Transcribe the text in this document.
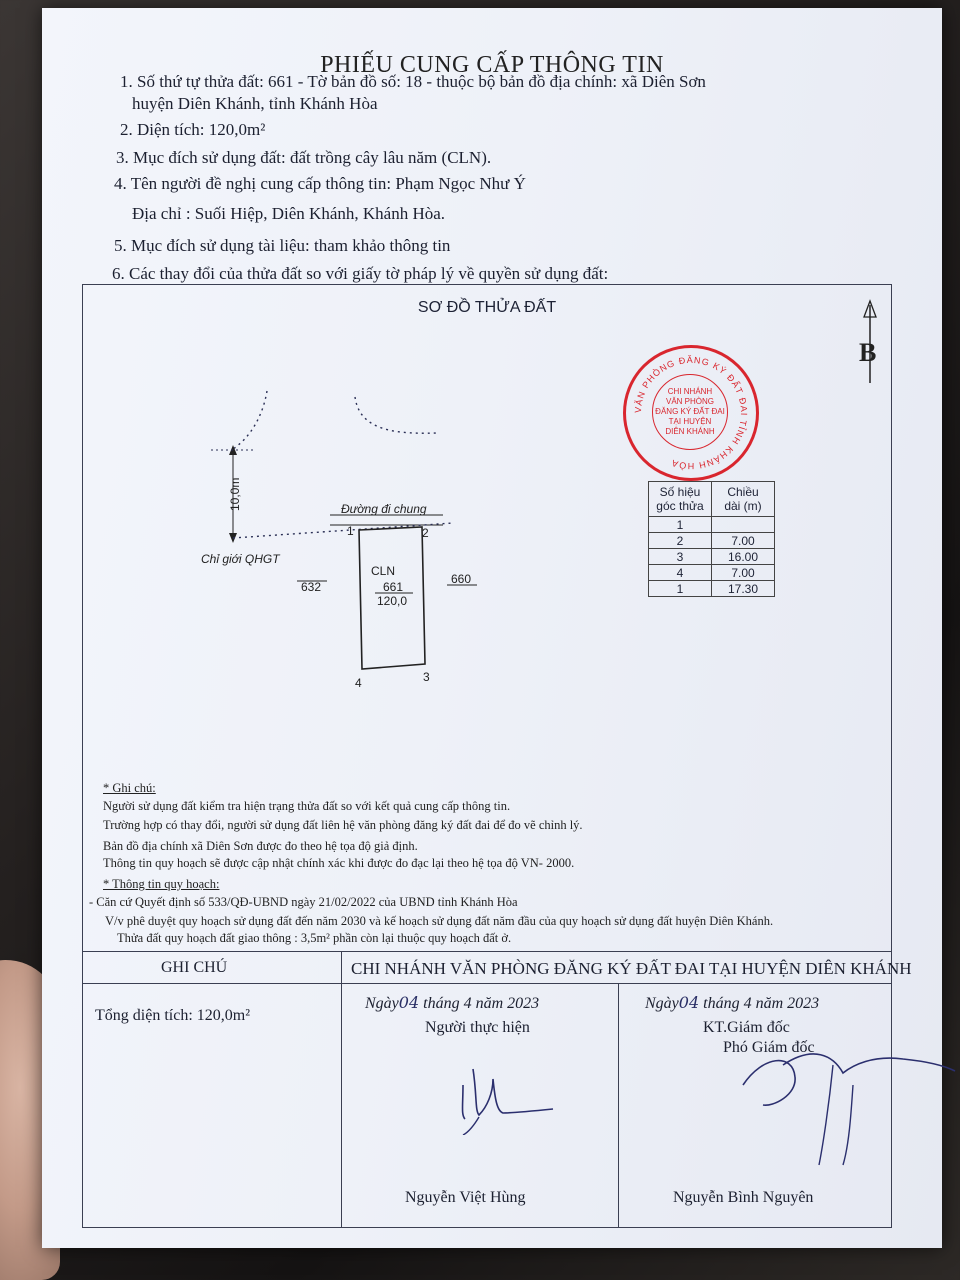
PHIẾU CUNG CẤP THÔNG TIN
1. Số thứ tự thửa đất: 661 - Tờ bản đồ số: 18 - thuộc bộ bản đồ địa chính: xã Diên Sơn
huyện Diên Khánh, tỉnh Khánh Hòa
2. Diện tích: 120,0m²
3. Mục đích sử dụng đất: đất trồng cây lâu năm (CLN).
4. Tên người đề nghị cung cấp thông tin: Phạm Ngọc Như Ý
Địa chỉ : Suối Hiệp, Diên Khánh, Khánh Hòa.
5. Mục đích sử dụng tài liệu: tham khảo thông tin
6. Các thay đổi của thửa đất so với giấy tờ pháp lý về quyền sử dụng đất:
SƠ ĐỒ THỬA ĐẤT
B
10,0m	Đường đi chung
Chỉ giới QHGT
CLN
661
120,0
632
660
1	2
3
4
Số hiệu góc thửa	Chiều dài (m)
1	
2	7.00
3	16.00
4	7.00
1	17.30
* Ghi chú:
Người sử dụng đất kiểm tra hiện trạng thửa đất so với kết quả cung cấp thông tin.
Trường hợp có thay đổi, người sử dụng đất liên hệ văn phòng đăng ký đất đai để đo vẽ chỉnh lý.
Bản đồ địa chính xã Diên Sơn được đo theo hệ tọa độ giả định.
Thông tin quy hoạch sẽ được cập nhật chính xác khi được đo đạc lại theo hệ tọa độ VN- 2000.
* Thông tin quy hoạch:
- Căn cứ Quyết định số 533/QĐ-UBND ngày 21/02/2022 của UBND tỉnh Khánh Hòa
V/v phê duyệt quy hoạch sử dụng đất đến năm 2030 và kế hoạch sử dụng đất năm đầu của quy hoạch sử dụng đất huyện Diên Khánh.
Thửa đất quy hoạch đất giao thông : 3,5m² phần còn lại thuộc quy hoạch đất ở.
GHI CHÚ	CHI NHÁNH VĂN PHÒNG ĐĂNG KÝ ĐẤT ĐAI TẠI HUYỆN DIÊN KHÁNH
Tổng diện tích: 120,0m²
Ngày04 tháng 4 năm 2023
Người thực hiện
Nguyễn Việt Hùng
Ngày04 tháng 4 năm 2023
KT.Giám đốc
Phó Giám đốc
VĂN PHÒNG ĐĂNG KÝ ĐẤT ĐAI TỈNH KHÁNH HÒA
CHI NHÁNH
VĂN PHÒNG
ĐĂNG KÝ ĐẤT ĐAI
TẠI HUYỆN
DIÊN KHÁNH
Nguyễn Bình Nguyên
